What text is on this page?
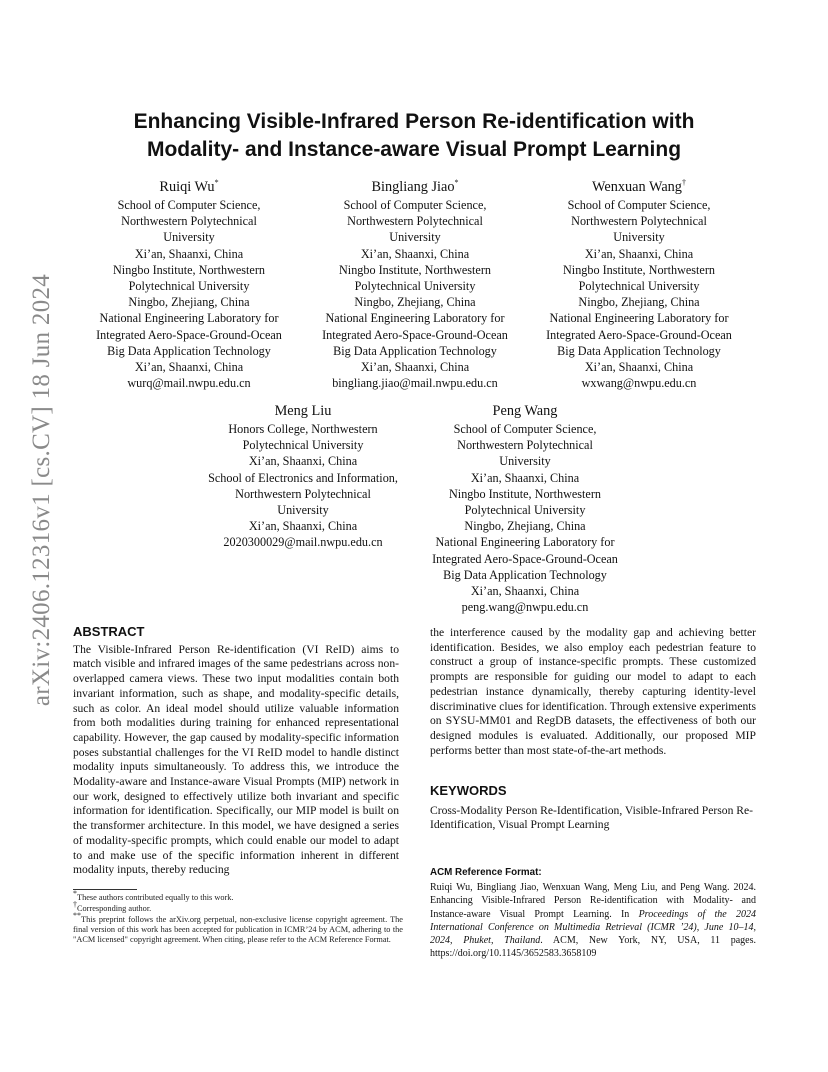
arXiv:2406.12316v1 [cs.CV] 18 Jun 2024
Enhancing Visible-Infrared Person Re-identification with
Modality- and Instance-aware Visual Prompt Learning
Ruiqi Wu*
School of Computer Science,
Northwestern Polytechnical
University
Xi’an, Shaanxi, China
Ningbo Institute, Northwestern
Polytechnical University
Ningbo, Zhejiang, China
National Engineering Laboratory for
Integrated Aero-Space-Ground-Ocean
Big Data Application Technology
Xi’an, Shaanxi, China
wurq@mail.nwpu.edu.cn
Bingliang Jiao*
School of Computer Science,
Northwestern Polytechnical
University
Xi’an, Shaanxi, China
Ningbo Institute, Northwestern
Polytechnical University
Ningbo, Zhejiang, China
National Engineering Laboratory for
Integrated Aero-Space-Ground-Ocean
Big Data Application Technology
Xi’an, Shaanxi, China
bingliang.jiao@mail.nwpu.edu.cn
Wenxuan Wang†
School of Computer Science,
Northwestern Polytechnical
University
Xi’an, Shaanxi, China
Ningbo Institute, Northwestern
Polytechnical University
Ningbo, Zhejiang, China
National Engineering Laboratory for
Integrated Aero-Space-Ground-Ocean
Big Data Application Technology
Xi’an, Shaanxi, China
wxwang@nwpu.edu.cn
Meng Liu
Honors College, Northwestern
Polytechnical University
Xi’an, Shaanxi, China
School of Electronics and Information,
Northwestern Polytechnical
University
Xi’an, Shaanxi, China
2020300029@mail.nwpu.edu.cn
Peng Wang
School of Computer Science,
Northwestern Polytechnical
University
Xi’an, Shaanxi, China
Ningbo Institute, Northwestern
Polytechnical University
Ningbo, Zhejiang, China
National Engineering Laboratory for
Integrated Aero-Space-Ground-Ocean
Big Data Application Technology
Xi’an, Shaanxi, China
peng.wang@nwpu.edu.cn
ABSTRACT

The Visible-Infrared Person Re-identification (VI ReID) aims to match visible and infrared images of the same pedestrians across non-overlapped camera views. These two input modalities contain both invariant information, such as shape, and modality-specific details, such as color. An ideal model should utilize valuable information from both modalities during training for enhanced representational capability. However, the gap caused by modality-specific information poses substantial challenges for the VI ReID model to handle distinct modality inputs simultaneously. To address this, we introduce the Modality-aware and Instance-aware Visual Prompts (MIP) network in our work, designed to effectively utilize both invariant and specific information for identification. Specifically, our MIP model is built on the transformer architecture. In this model, we have designed a series of modality-specific prompts, which could enable our model to adapt to and make use of the specific information inherent in different modality inputs, thereby reducing

the interference caused by the modality gap and achieving better identification. Besides, we also employ each pedestrian feature to construct a group of instance-specific prompts. These customized prompts are responsible for guiding our model to adapt to each pedestrian instance dynamically, thereby capturing identity-level discriminative clues for identification. Through extensive experiments on SYSU-MM01 and RegDB datasets, the effectiveness of both our designed modules is evaluated. Additionally, our proposed MIP performs better than most state-of-the-art methods.

KEYWORDS

Cross-Modality Person Re-Identification, Visible-Infrared Person Re-Identification, Visual Prompt Learning

*These authors contributed equally to this work.

†Corresponding author.

**This preprint follows the arXiv.org perpetual, non-exclusive license copyright agreement. The final version of this work has been accepted for publication in ICMR’24 by ACM, adhering to the "ACM licensed" copyright agreement. When citing, please refer to the ACM Reference Format.

ACM Reference Format:
Ruiqi Wu, Bingliang Jiao, Wenxuan Wang, Meng Liu, and Peng Wang. 2024. Enhancing Visible-Infrared Person Re-identification with Modality- and Instance-aware Visual Prompt Learning. In Proceedings of the 2024 International Conference on Multimedia Retrieval (ICMR ’24), June 10–14, 2024, Phuket, Thailand. ACM, New York, NY, USA, 11 pages. https://doi.org/10.1145/3652583.3658109
